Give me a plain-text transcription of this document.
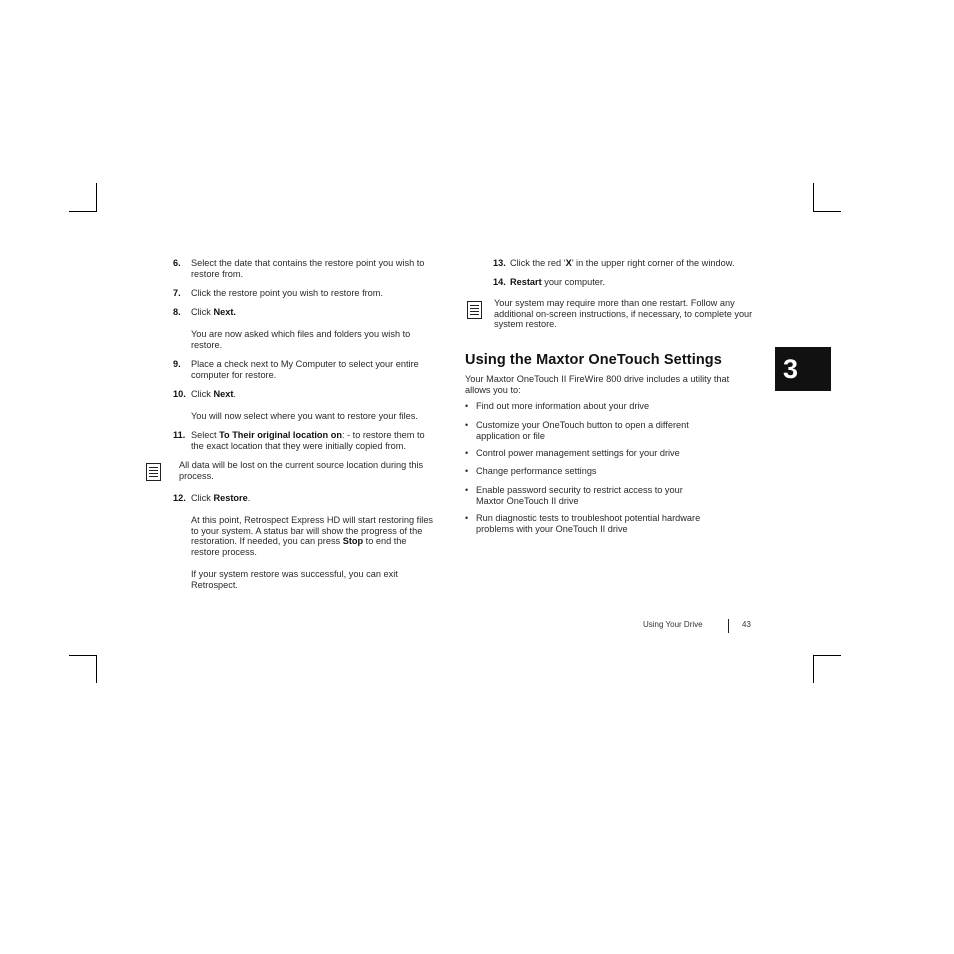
6. Select the date that contains the restore point you wish to restore from.
7. Click the restore point you wish to restore from.
8. Click Next.
You are now asked which files and folders you wish to restore.
9. Place a check next to My Computer to select your entire computer for restore.
10. Click Next.
You will now select where you want to restore your files.
11. Select To Their original location on: - to restore them to the exact location that they were initially copied from.
All data will be lost on the current source location during this process.
12. Click Restore.
At this point, Retrospect Express HD will start restoring files to your system. A status bar will show the progress of the restoration. If needed, you can press Stop to end the restore process.
If your system restore was successful, you can exit Retrospect.
13. Click the red ‘X’ in the upper right corner of the window.
14. Restart your computer.
Your system may require more than one restart. Follow any additional on-screen instructions, if necessary, to complete your system restore.
Using the Maxtor OneTouch Settings
Your Maxtor OneTouch II FireWire 800 drive includes a utility that allows you to:
• Find out more information about your drive
• Customize your OneTouch button to open a different application or file
• Control power management settings for your drive
• Change performance settings
• Enable password security to restrict access to your Maxtor OneTouch II drive
• Run diagnostic tests to troubleshoot potential hardware problems with your OneTouch II drive
3
Using Your Drive	43
